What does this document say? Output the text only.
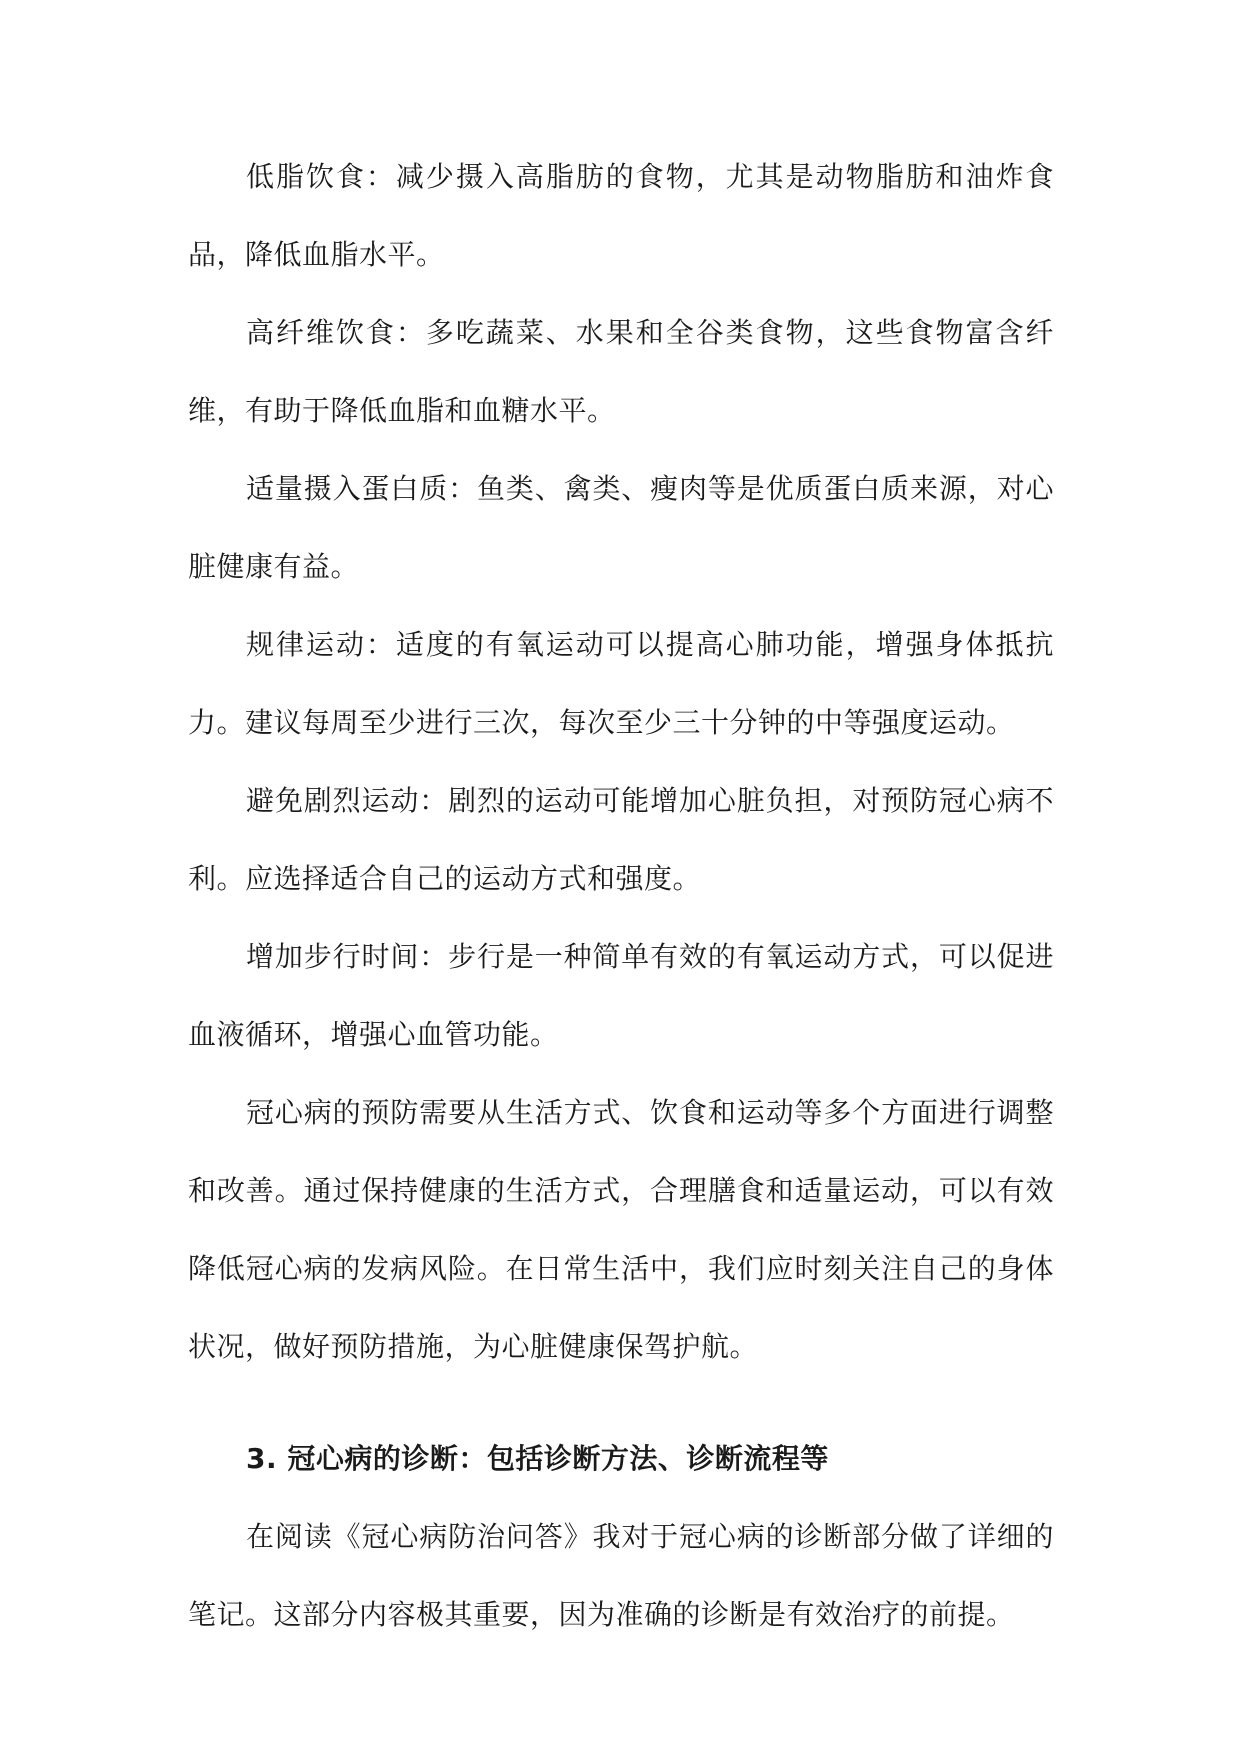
低脂饮食：减少摄入高脂肪的食物，尤其是动物脂肪和油炸食品，降低血脂水平。

高纤维饮食：多吃蔬菜、水果和全谷类食物，这些食物富含纤维，有助于降低血脂和血糖水平。

适量摄入蛋白质：鱼类、禽类、瘦肉等是优质蛋白质来源，对心脏健康有益。

规律运动：适度的有氧运动可以提高心肺功能，增强身体抵抗力。建议每周至少进行三次，每次至少三十分钟的中等强度运动。

避免剧烈运动：剧烈的运动可能增加心脏负担，对预防冠心病不利。应选择适合自己的运动方式和强度。

增加步行时间：步行是一种简单有效的有氧运动方式，可以促进血液循环，增强心血管功能。

冠心病的预防需要从生活方式、饮食和运动等多个方面进行调整和改善。通过保持健康的生活方式，合理膳食和适量运动，可以有效降低冠心病的发病风险。在日常生活中，我们应时刻关注自己的身体状况，做好预防措施，为心脏健康保驾护航。

3. 冠心病的诊断：包括诊断方法、诊断流程等

在阅读《冠心病防治问答》我对于冠心病的诊断部分做了详细的笔记。这部分内容极其重要，因为准确的诊断是有效治疗的前提。
